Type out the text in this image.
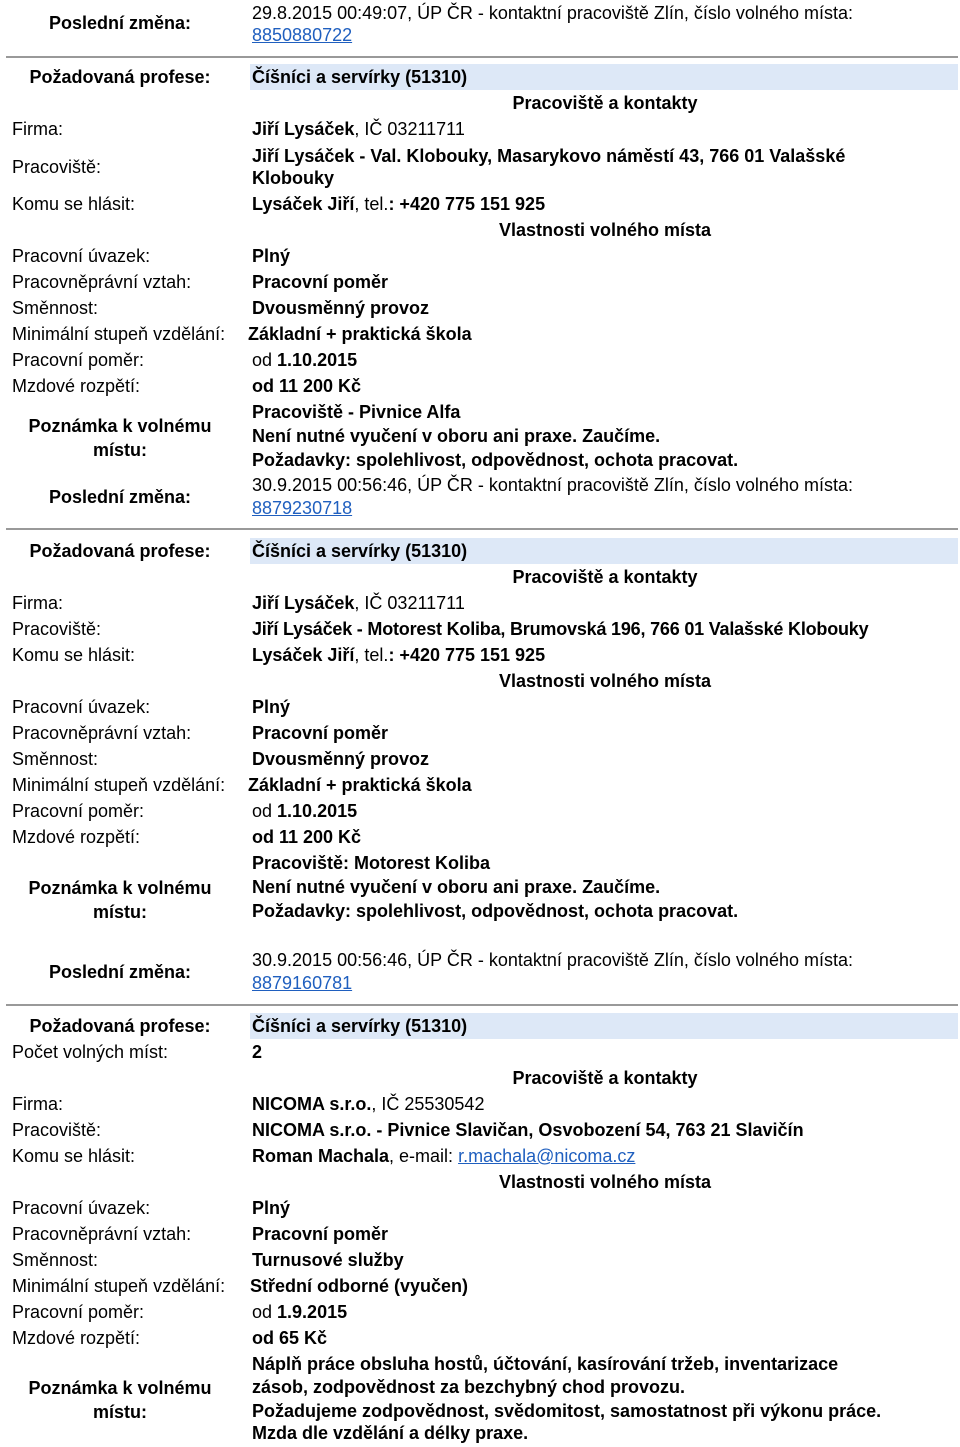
Poslední změna:	29.8.2015 00:49:07, ÚP ČR - kontaktní pracoviště Zlín, číslo volného místa:
8850880722
Požadovaná profese:	Číšníci a servírky (51310)
Pracoviště a kontakty
Firma:	Jiří Lysáček, IČ 03211711
Pracoviště:
Jiří Lysáček - Val. Klobouky, Masarykovo náměstí 43, 766 01 Valašské
Klobouky
Komu se hlásit:	Lysáček Jiří, tel.: +420 775 151 925
Vlastnosti volného místa
Pracovní úvazek:	Plný
Pracovněprávní vztah:	Pracovní poměr
Směnnost:	Dvousměnný provoz
Minimální stupeň vzdělání: Základní + praktická škola
Pracovní poměr:	od 1.10.2015
Mzdové rozpětí:	od 11 200 Kč
Poznámka k volnému místu:
Pracoviště - Pivnice Alfa
Není nutné vyučení v oboru ani praxe. Zaučíme.
Požadavky: spolehlivost, odpovědnost, ochota pracovat.
Poslední změna:
30.9.2015 00:56:46, ÚP ČR - kontaktní pracoviště Zlín, číslo volného místa:
8879230718
Požadovaná profese:	Číšníci a servírky (51310)
Pracoviště a kontakty
Firma:	Jiří Lysáček, IČ 03211711
Pracoviště:	Jiří Lysáček - Motorest Koliba, Brumovská 196, 766 01 Valašské Klobouky
Komu se hlásit:	Lysáček Jiří, tel.: +420 775 151 925
Vlastnosti volného místa
Pracovní úvazek:	Plný
Pracovněprávní vztah:	Pracovní poměr
Směnnost:	Dvousměnný provoz
Minimální stupeň vzdělání: Základní + praktická škola
Pracovní poměr:	od 1.10.2015
Mzdové rozpětí:	od 11 200 Kč
Poznámka k volnému místu:
Pracoviště: Motorest Koliba
Není nutné vyučení v oboru ani praxe. Zaučíme.
Požadavky: spolehlivost, odpovědnost, ochota pracovat.
Poslední změna:
30.9.2015 00:56:46, ÚP ČR - kontaktní pracoviště Zlín, číslo volného místa:
8879160781
Požadovaná profese:	Číšníci a servírky (51310)
Počet volných míst:	2
Pracoviště a kontakty
Firma:	NICOMA s.r.o., IČ 25530542
Pracoviště:	NICOMA s.r.o. - Pivnice Slavičan, Osvobození 54, 763 21 Slavičín
Komu se hlásit:	Roman Machala, e-mail: r.machala@nicoma.cz
Vlastnosti volného místa
Pracovní úvazek:	Plný
Pracovněprávní vztah:	Pracovní poměr
Směnnost:	Turnusové služby
Minimální stupeň vzdělání: Střední odborné (vyučen)
Pracovní poměr:	od 1.9.2015
Mzdové rozpětí:	od 65 Kč
Poznámka k volnému místu:
Náplň práce obsluha hostů, účtování, kasírování tržeb, inventarizace
zásob, zodpovědnost za bezchybný chod provozu.
Požadujeme zodpovědnost, svědomitost, samostatnost při výkonu práce.
Mzda dle vzdělání a délky praxe.
